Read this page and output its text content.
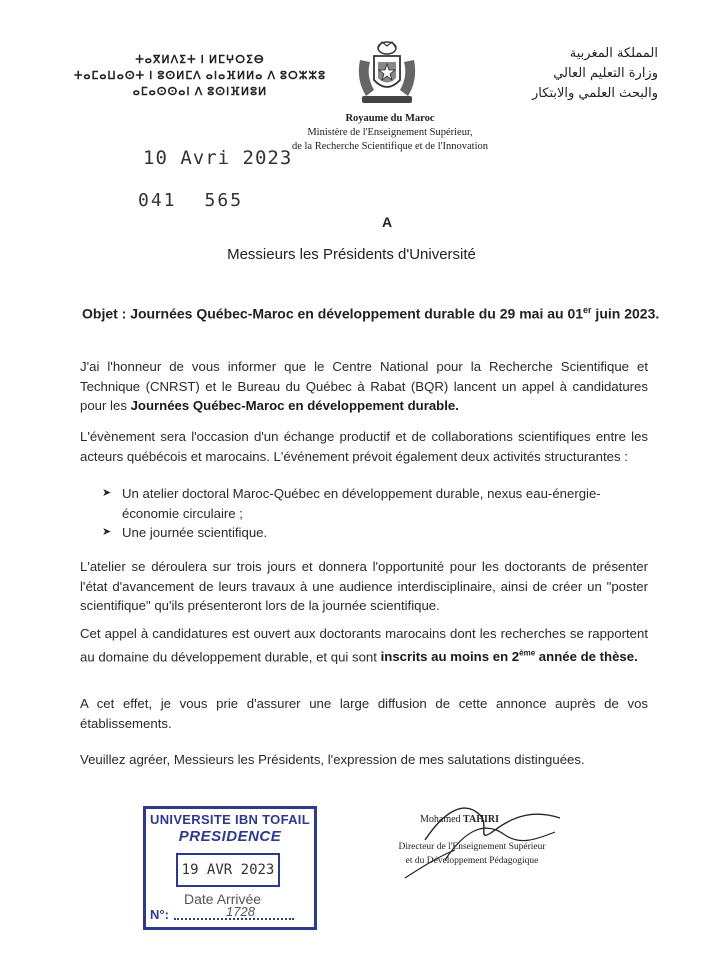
ⵜⴰⴳⵍⴷⵉⵜ ⵏ ⵍⵎⵖⵔⵉⴱ
ⵜⴰⵎⴰⵡⴰⵙⵜ ⵏ ⵓⵙⵍⵎⴷ ⴰⵏⴰⴼⵍⵍⴰ ⴷ ⵓⵔⵣⵣⵓ
ⴰⵎⴰⵙⵙⴰⵏ ⴷ ⵓⵙⵏⴼⵍⵓⵍ
المملكة المغربية
وزارة التعليم العالي
والبحث العلمي والابتكار
Royaume du Maroc
Ministère de l'Enseignement Supérieur,
de la Recherche Scientifique et de l'Innovation
10 Avri 2023
041 565
A
Messieurs les Présidents d'Université
Objet : Journées Québec-Maroc en développement durable du 29 mai au 01er juin 2023.
J'ai l'honneur de vous informer que le Centre National pour la Recherche Scientifique et Technique (CNRST) et le Bureau du Québec à Rabat (BQR) lancent un appel à candidatures pour les Journées Québec-Maroc en développement durable.
L'évènement sera l'occasion d'un échange productif et de collaborations scientifiques entre les acteurs québécois et marocains. L'événement prévoit également deux activités structurantes :
➤ Un atelier doctoral Maroc-Québec en développement durable, nexus eau-énergie-économie circulaire ;
➤ Une journée scientifique.
L'atelier se déroulera sur trois jours et donnera l'opportunité pour les doctorants de présenter l'état d'avancement de leurs travaux à une audience interdisciplinaire, ainsi de créer un "poster scientifique" qu'ils présenteront lors de la journée scientifique.
Cet appel à candidatures est ouvert aux doctorants marocains dont les recherches se rapportent au domaine du développement durable, et qui sont inscrits au moins en 2ème année de thèse.
A cet effet, je vous prie d'assurer une large diffusion de cette annonce auprès de vos établissements.
Veuillez agréer, Messieurs les Présidents, l'expression de mes salutations distinguées.
UNIVERSITE IBN TOFAIL
PRESIDENCE
19 AVR 2023
Date Arrivée
N°:	1728
Mohamed TAHIRI
Directeur de l'Enseignement Supérieur
et du Développement Pédagogique
